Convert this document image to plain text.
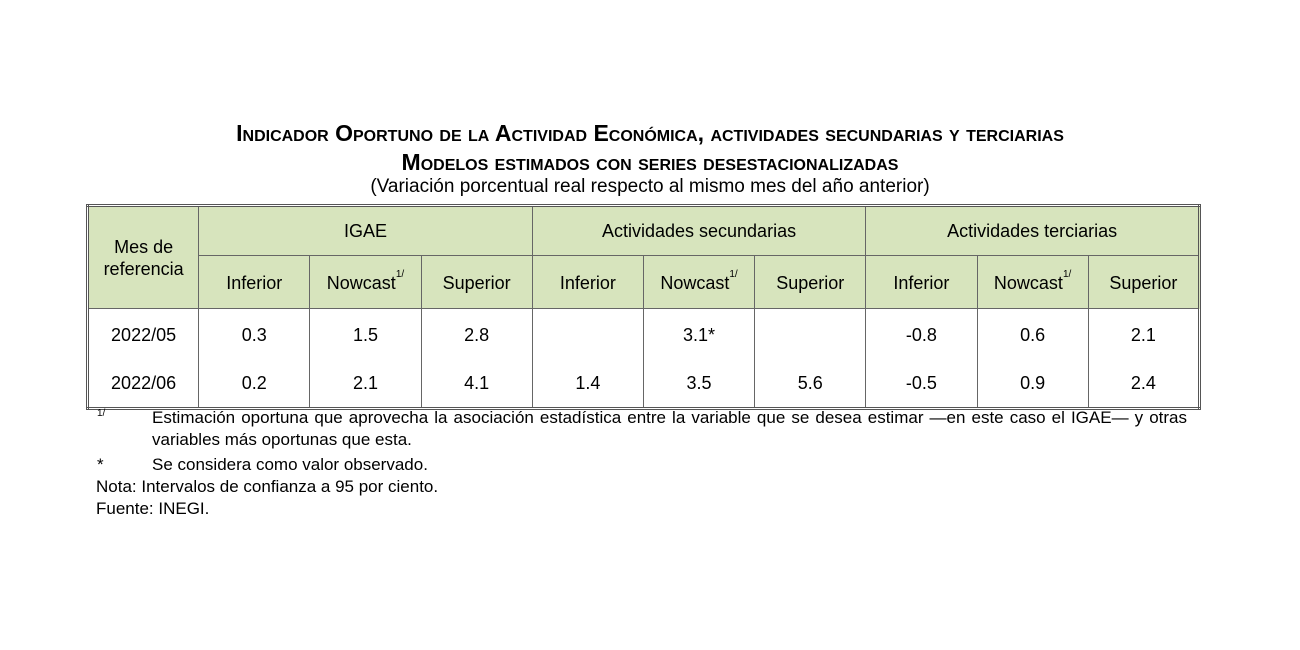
Indicador Oportuno de la Actividad Económica, actividades secundarias y terciarias
Modelos estimados con series desestacionalizadas
(Variación porcentual real respecto al mismo mes del año anterior)
Mes de
referencia	IGAE			Actividades secundarias			Actividades terciarias		
	Inferior	Nowcast$^{1/}$	Superior	Inferior	Nowcast$^{1/}$	Superior	Inferior	Nowcast$^{1/}$	Superior
2022/05	0.3	1.5	2.8		3.1*		-0.8	0.6	2.1
2022/06	0.2	2.1	4.1	1.4	3.5	5.6	-0.5	0.9	2.4
1/	Estimación oportuna que aprovecha la asociación estadística entre la variable que se desea estimar —en este caso el IGAE— y otras variables más oportunas que esta.
*	Se considera como valor observado.
Nota: Intervalos de confianza a 95 por ciento.
Fuente: INEGI.
